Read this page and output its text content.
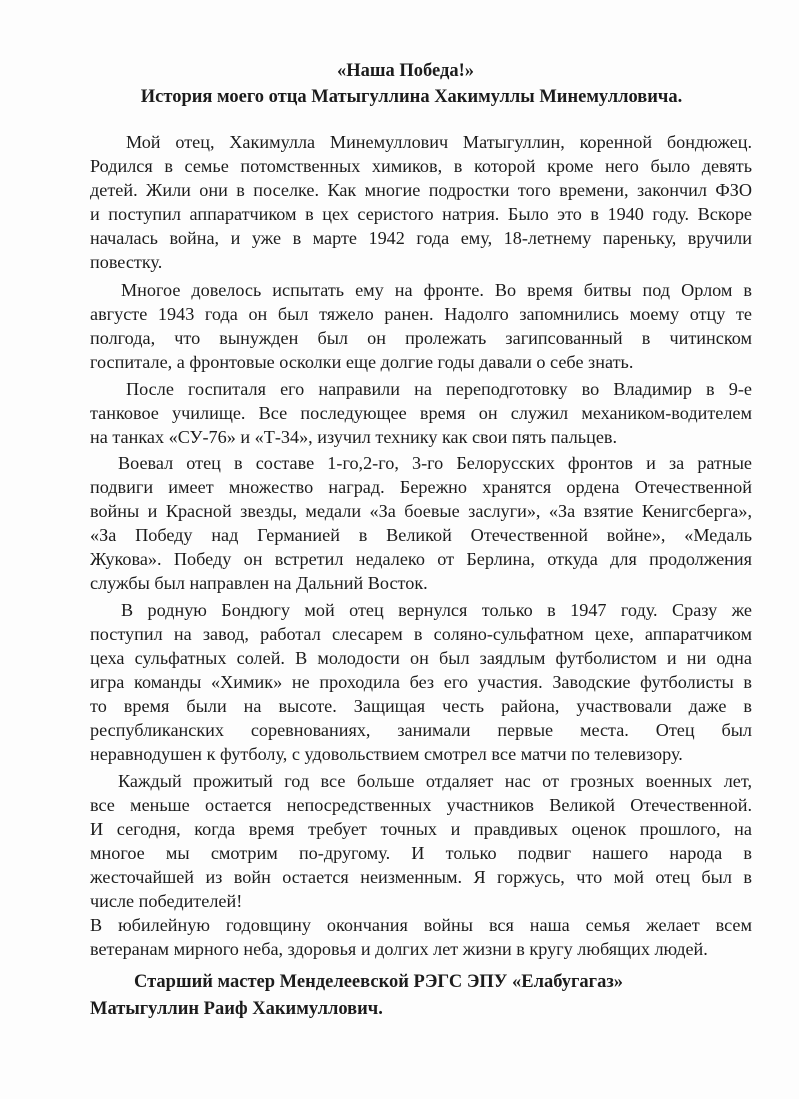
«Наша Победа!»
История моего отца Матыгуллина Хакимуллы Минемулловича.
Мой отец, Хакимулла Минемуллович Матыгуллин, коренной бондюжец.
Родился в семье потомственных химиков, в которой кроме него было девять
детей. Жили они в поселке. Как многие подростки того времени, закончил ФЗО
и поступил аппаратчиком в цех серистого натрия. Было это в 1940 году. Вскоре
началась война, и уже в марте 1942 года ему, 18-летнему пареньку, вручили
повестку.
Многое довелось испытать ему на фронте. Во время битвы под Орлом в
августе 1943 года он был тяжело ранен. Надолго запомнились моему отцу те
полгода, что вынужден был он пролежать загипсованный в читинском
госпитале, а фронтовые осколки еще долгие годы давали о себе знать.
После госпиталя его направили на переподготовку во Владимир в 9-е
танковое училище. Все последующее время он служил механиком-водителем
на танках «СУ-76» и «Т-34», изучил технику как свои пять пальцев.
Воевал отец в составе 1-го,2-го, 3-го Белорусских фронтов и за ратные
подвиги имеет множество наград. Бережно хранятся ордена Отечественной
войны и Красной звезды, медали «За боевые заслуги», «За взятие Кенигсберга»,
«За Победу над Германией в Великой Отечественной войне», «Медаль
Жукова». Победу он встретил недалеко от Берлина, откуда для продолжения
службы был направлен на Дальний Восток.
В родную Бондюгу мой отец вернулся только в 1947 году. Сразу же
поступил на завод, работал слесарем в соляно-сульфатном цехе, аппаратчиком
цеха сульфатных солей. В молодости он был заядлым футболистом и ни одна
игра команды «Химик» не проходила без его участия. Заводские футболисты в
то время были на высоте. Защищая честь района, участвовали даже в
республиканских соревнованиях, занимали первые места. Отец был
неравнодушен к футболу, с удовольствием смотрел все матчи по телевизору.
Каждый прожитый год все больше отдаляет нас от грозных военных лет,
все меньше остается непосредственных участников Великой Отечественной.
И сегодня, когда время требует точных и правдивых оценок прошлого, на
многое мы смотрим по-другому. И только подвиг нашего народа в
жесточайшей из войн остается неизменным. Я горжусь, что мой отец был в
числе победителей!
В юбилейную годовщину окончания войны вся наша семья желает всем
ветеранам мирного неба, здоровья и долгих лет жизни в кругу любящих людей.
Старший мастер Менделеевской РЭГС ЭПУ «Елабугагаз»
Матыгуллин Раиф Хакимуллович.
